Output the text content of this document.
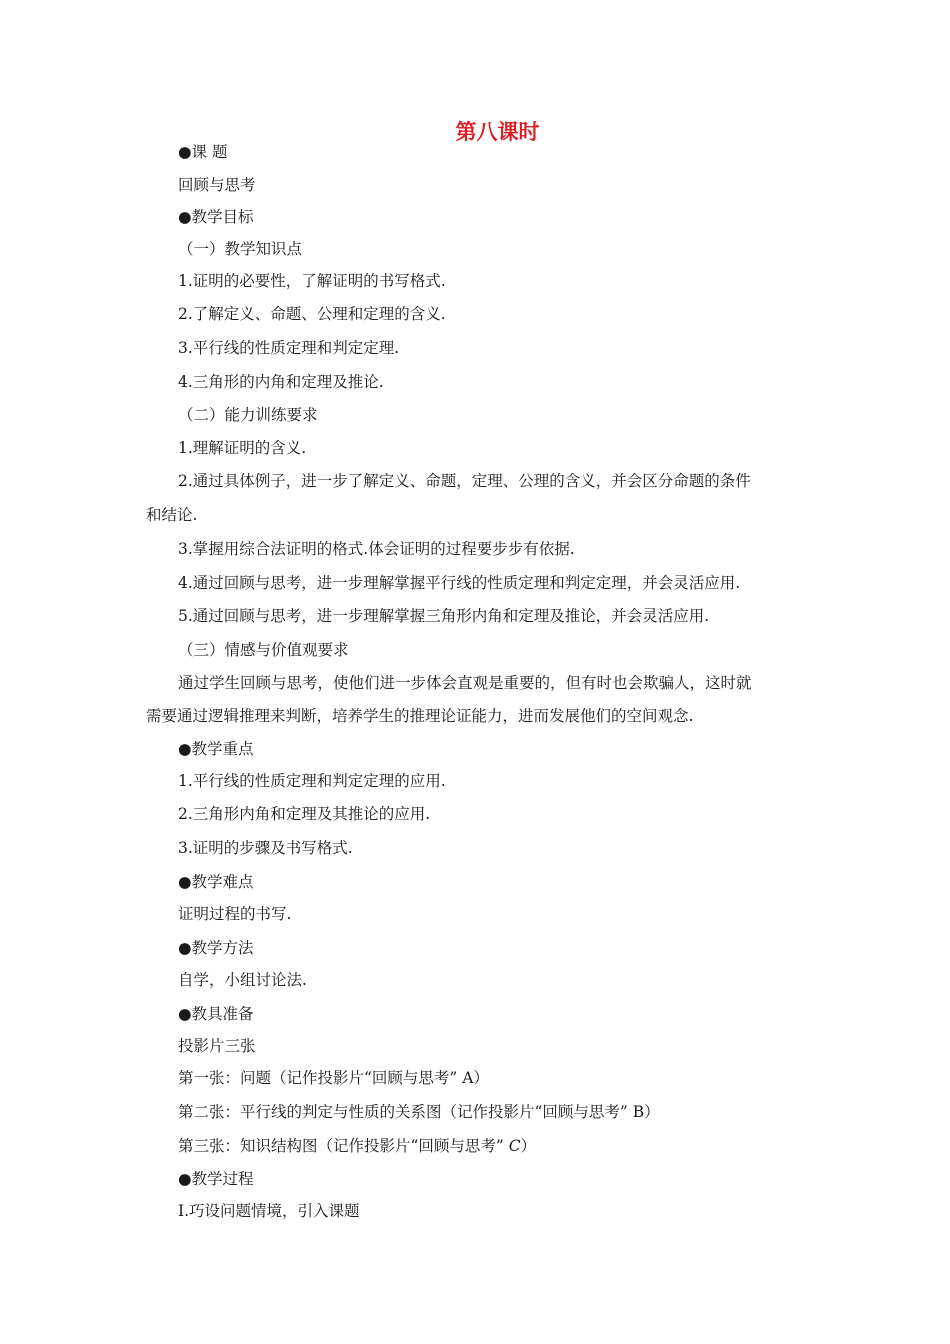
第八课时
●课 题
回顾与思考
●教学目标
（一）教学知识点
1.证明的必要性，了解证明的书写格式.
2.了解定义、命题、公理和定理的含义.
3.平行线的性质定理和判定定理.
4.三角形的内角和定理及推论.
（二）能力训练要求
1.理解证明的含义.
2.通过具体例子，进一步了解定义、命题，定理、公理的含义，并会区分命题的条件
和结论.
3.掌握用综合法证明的格式.体会证明的过程要步步有依据.
4.通过回顾与思考，进一步理解掌握平行线的性质定理和判定定理，并会灵活应用.
5.通过回顾与思考，进一步理解掌握三角形内角和定理及推论，并会灵活应用.
（三）情感与价值观要求
通过学生回顾与思考，使他们进一步体会直观是重要的，但有时也会欺骗人，这时就
需要通过逻辑推理来判断，培养学生的推理论证能力，进而发展他们的空间观念.
●教学重点
1.平行线的性质定理和判定定理的应用.
2.三角形内角和定理及其推论的应用.
3.证明的步骤及书写格式.
●教学难点
证明过程的书写.
●教学方法
自学，小组讨论法.
●教具准备
投影片三张
第一张：问题（记作投影片“回顾与思考” A）
第二张：平行线的判定与性质的关系图（记作投影片“回顾与思考” B）
第三张：知识结构图（记作投影片“回顾与思考” C）
●教学过程
Ⅰ.巧设问题情境，引入课题
